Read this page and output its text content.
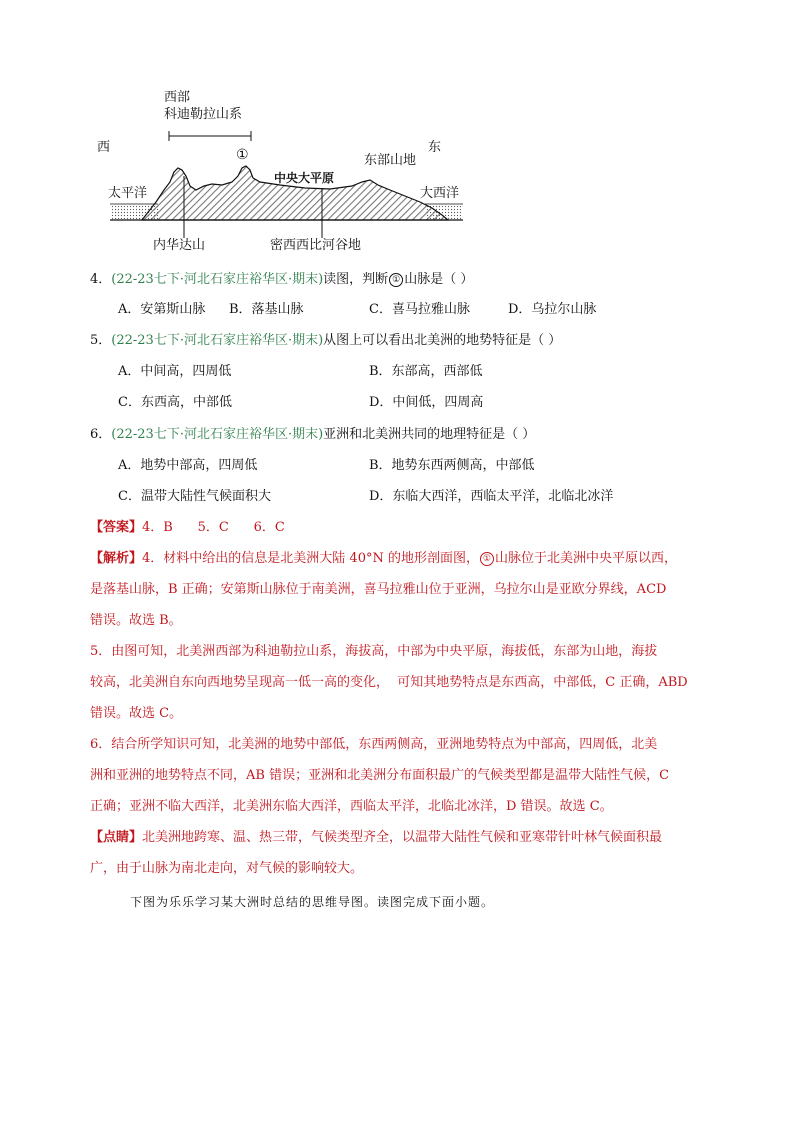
西	东
西部
科迪勒拉山系
①
中央大平原
东部山地
太平洋	大西洋
内华达山	密西西比河谷地
4．(22-23七下·河北石家庄裕华区·期末)读图，判断 ① 山脉是（ ）
A．安第斯山脉 B．落基山脉	C．喜马拉雅山脉	D．乌拉尔山脉
5．(22-23七下·河北石家庄裕华区·期末)从图上可以看出北美洲的地势特征是（ ）
A．中间高，四周低	B．东部高，西部低
C．东西高，中部低	D．中间低，四周高
6．(22-23七下·河北石家庄裕华区·期末)亚洲和北美洲共同的地理特征是（ ）
A．地势中部高，四周低	B．地势东西两侧高，中部低
C．温带大陆性气候面积大	D．东临大西洋，西临太平洋，北临北冰洋
【答案】4．B      5．C      6．C
【解析】4．材料中给出的信息是北美洲大陆 40°N 的地形剖面图， ① 山脉位于北美洲中央平原以西，
是落基山脉，B 正确；安第斯山脉位于南美洲，喜马拉雅山位于亚洲，乌拉尔山是亚欧分界线，ACD
错误。故选 B。
5．由图可知，北美洲西部为科迪勒拉山系，海拔高，中部为中央平原，海拔低，东部为山地，海拔
较高，北美洲自东向西地势呈现高一低一高的变化，  可知其地势特点是东西高，中部低，C 正确，ABD
错误。故选 C。
6．结合所学知识可知，北美洲的地势中部低，东西两侧高，亚洲地势特点为中部高，四周低，北美
洲和亚洲的地势特点不同，AB 错误；亚洲和北美洲分布面积最广的气候类型都是温带大陆性气候，C
正确；亚洲不临大西洋，北美洲东临大西洋，西临太平洋，北临北冰洋，D 错误。故选 C。
【点睛】北美洲地跨寒、温、热三带，气候类型齐全，以温带大陆性气候和亚寒带针叶林气候面积最
广，由于山脉为南北走向，对气候的影响较大。
下图为乐乐学习某大洲时总结的思维导图。读图完成下面小题。
